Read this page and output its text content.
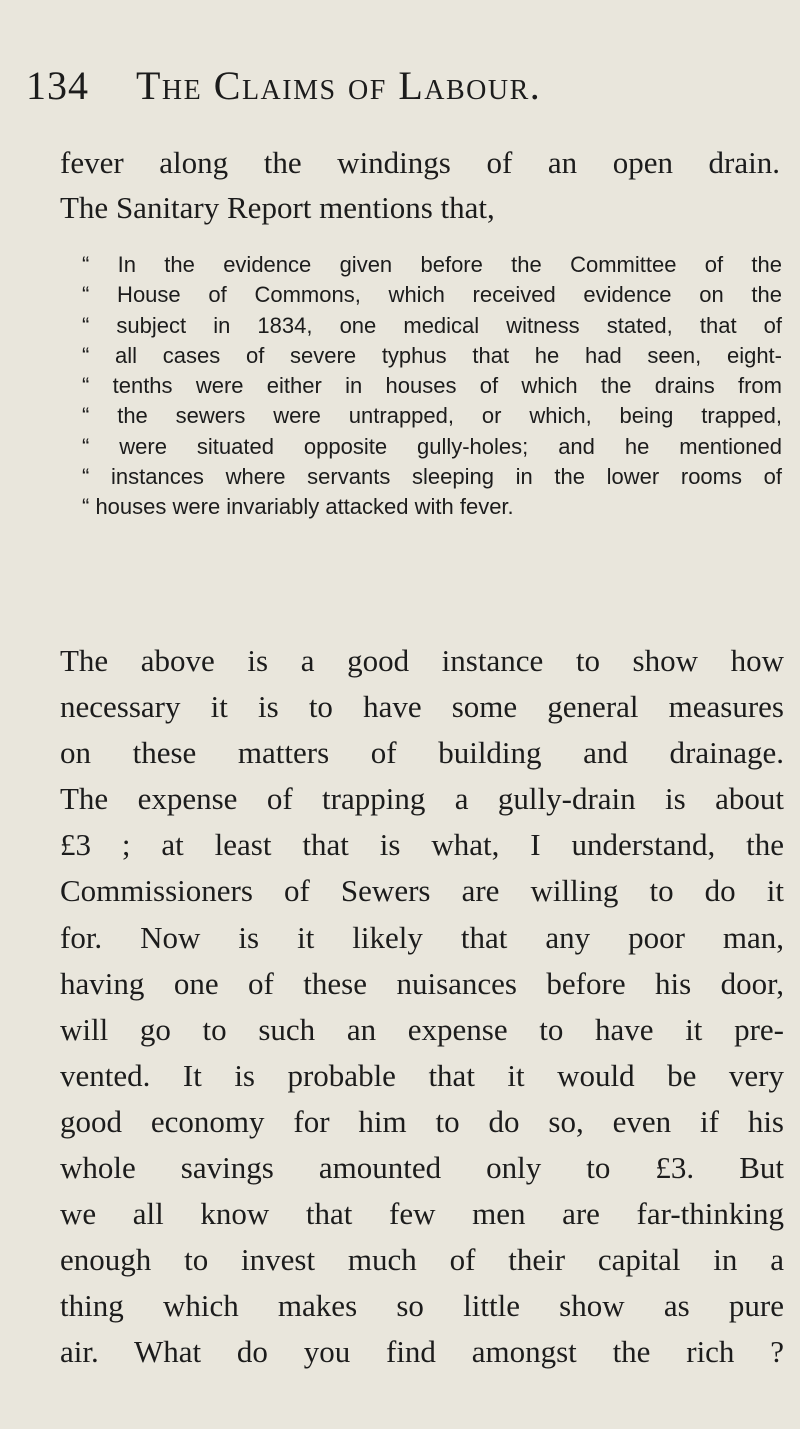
134 The Claims of Labour.
fever along the windings of an open drain.
The Sanitary Report mentions that,
“ In the evidence given before the Committee of the
“ House of Commons, which received evidence on the
“ subject in 1834, one medical witness stated, that of
“ all cases of severe typhus that he had seen, eight-
“ tenths were either in houses of which the drains from
“ the sewers were untrapped, or which, being trapped,
“ were situated opposite gully-holes; and he mentioned
“ instances where servants sleeping in the lower rooms of
“ houses were invariably attacked with fever.
The above is a good instance to show how
necessary it is to have some general measures
on these matters of building and drainage.
The expense of trapping a gully-drain is about
£3 ; at least that is what, I understand, the
Commissioners of Sewers are willing to do it
for. Now is it likely that any poor man,
having one of these nuisances before his door,
will go to such an expense to have it pre-
vented. It is probable that it would be very
good economy for him to do so, even if his
whole savings amounted only to £3. But
we all know that few men are far-thinking
enough to invest much of their capital in a
thing which makes so little show as pure
air. What do you find amongst the rich ?
